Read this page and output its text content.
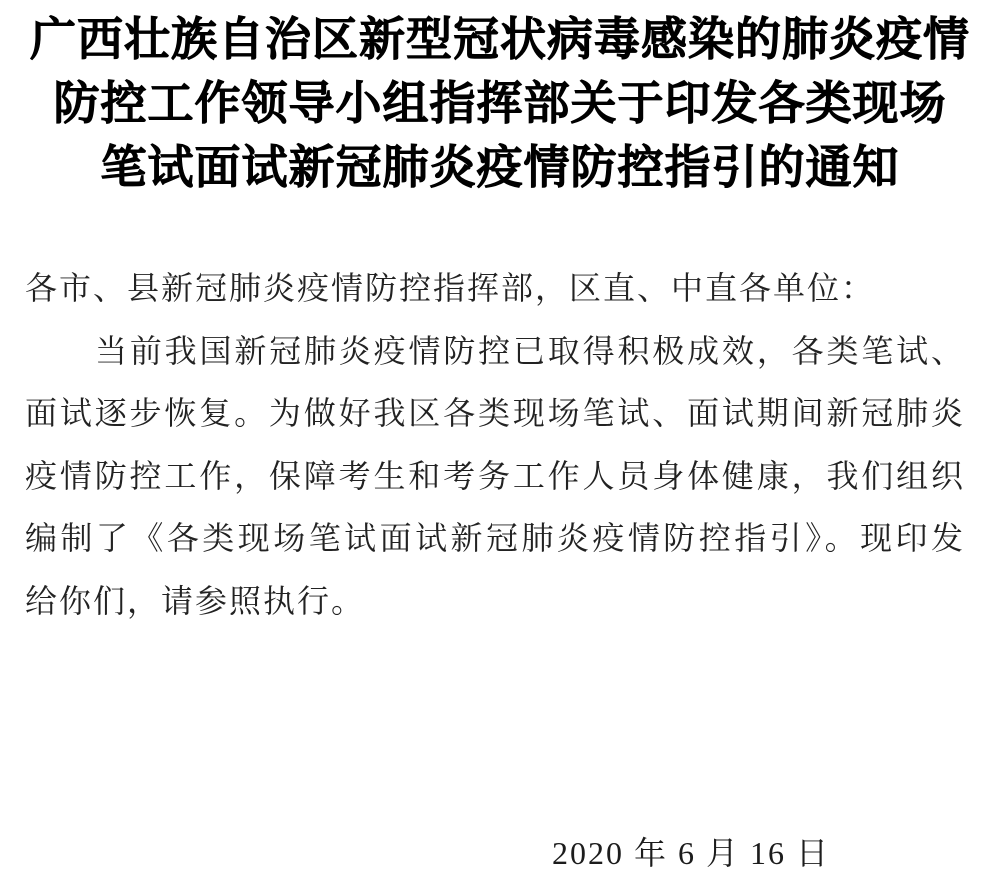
广西壮族自治区新型冠状病毒感染的肺炎疫情
防控工作领导小组指挥部关于印发各类现场
笔试面试新冠肺炎疫情防控指引的通知
各市、县新冠肺炎疫情防控指挥部，区直、中直各单位：
当前我国新冠肺炎疫情防控已取得积极成效，各类笔试、
面试逐步恢复。为做好我区各类现场笔试、面试期间新冠肺炎
疫情防控工作，保障考生和考务工作人员身体健康，我们组织
编制了《各类现场笔试面试新冠肺炎疫情防控指引》。现印发
给你们，请参照执行。
2020 年 6 月 16 日
